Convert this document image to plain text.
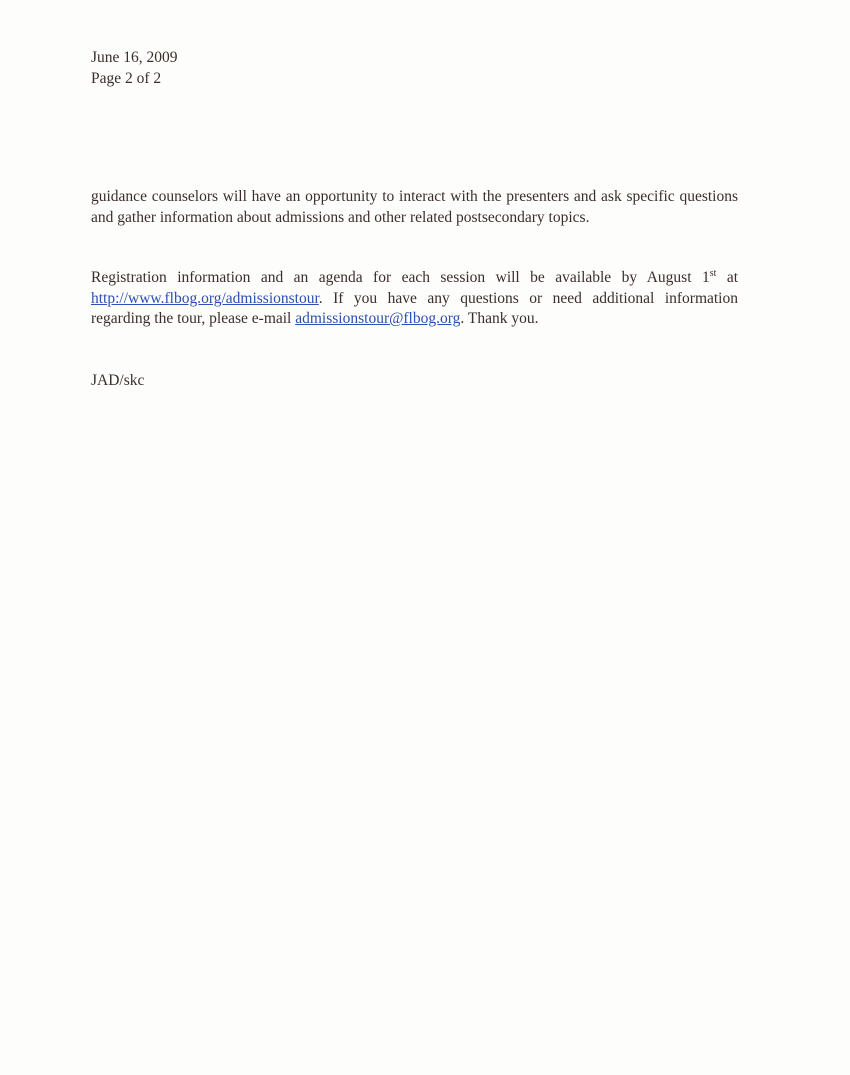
June 16, 2009
Page 2 of 2

guidance counselors will have an opportunity to interact with the presenters and ask specific questions and gather information about admissions and other related postsecondary topics.

Registration information and an agenda for each session will be available by August 1st at http://www.flbog.org/admissionstour. If you have any questions or need additional information regarding the tour, please e-mail admissionstour@flbog.org. Thank you.

JAD/skc
